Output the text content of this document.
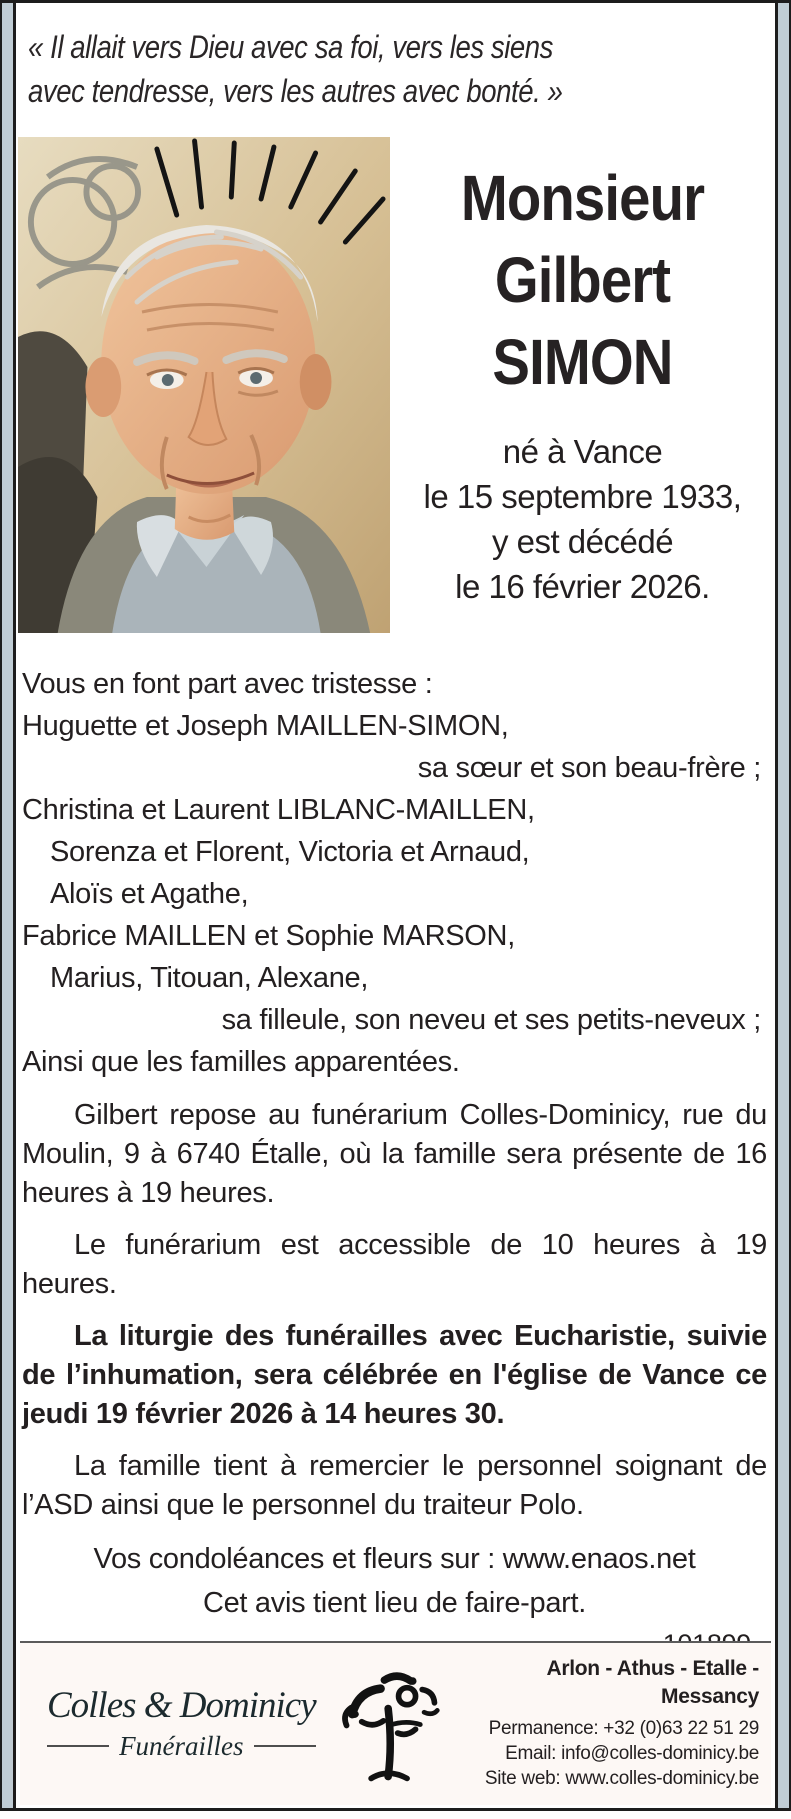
« Il allait vers Dieu avec sa foi, vers les siens
avec tendresse, vers les autres avec bonté. »
Monsieur
Gilbert
SIMON
né à Vance
le 15 septembre 1933,
y est décédé
le 16 février 2026.
Vous en font part avec tristesse :
Huguette et Joseph MAILLEN-SIMON,
sa sœur et son beau-frère ;
Christina et Laurent LIBLANC-MAILLEN,
Sorenza et Florent, Victoria et Arnaud,
Aloïs et Agathe,
Fabrice MAILLEN et Sophie MARSON,
Marius, Titouan, Alexane,
sa filleule, son neveu et ses petits-neveux ;
Ainsi que les familles apparentées.
Gilbert repose au funérarium Colles-Dominicy, rue du Moulin, 9 à 6740 Étalle, où la famille sera présente de 16 heures à 19 heures.
Le funérarium est accessible de 10 heures à 19 heures.
La liturgie des funérailles avec Eucharistie, suivie de l’inhumation, sera célébrée en l'église de Vance ce jeudi 19 février 2026 à 14 heures 30.
La famille tient à remercier le personnel soignant de l’ASD ainsi que le personnel du traiteur Polo.
Vos condoléances et fleurs sur : www.enaos.net
Cet avis tient lieu de faire-part.
Colles & Dominicy
Funérailles
Arlon - Athus - Etalle - Messancy
Permanence: +32 (0)63 22 51 29
Email: info@colles-dominicy.be
Site web: www.colles-dominicy.be
